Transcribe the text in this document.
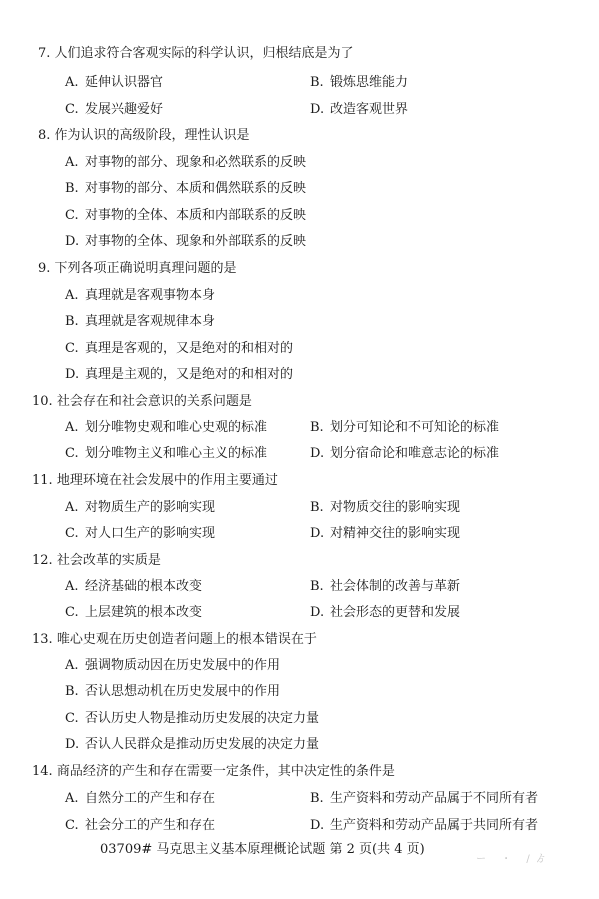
7. 人们追求符合客观实际的科学认识，归根结底是为了
A. 延伸认识器官	B. 锻炼思维能力
C. 发展兴趣爱好	D. 改造客观世界
8. 作为认识的高级阶段，理性认识是
A. 对事物的部分、现象和必然联系的反映
B. 对事物的部分、本质和偶然联系的反映
C. 对事物的全体、本质和内部联系的反映
D. 对事物的全体、现象和外部联系的反映
9. 下列各项正确说明真理问题的是
A. 真理就是客观事物本身
B. 真理就是客观规律本身
C. 真理是客观的，又是绝对的和相对的
D. 真理是主观的，又是绝对的和相对的
10. 社会存在和社会意识的关系问题是
A. 划分唯物史观和唯心史观的标准	B. 划分可知论和不可知论的标准
C. 划分唯物主义和唯心主义的标准	D. 划分宿命论和唯意志论的标准
11. 地理环境在社会发展中的作用主要通过
A. 对物质生产的影响实现	B. 对物质交往的影响实现
C. 对人口生产的影响实现	D. 对精神交往的影响实现
12. 社会改革的实质是
A. 经济基础的根本改变	B. 社会体制的改善与革新
C. 上层建筑的根本改变	D. 社会形态的更替和发展
13. 唯心史观在历史创造者问题上的根本错误在于
A. 强调物质动因在历史发展中的作用
B. 否认思想动机在历史发展中的作用
C. 否认历史人物是推动历史发展的决定力量
D. 否认人民群众是推动历史发展的决定力量
14. 商品经济的产生和存在需要一定条件，其中决定性的条件是
A. 自然分工的产生和存在	B. 生产资料和劳动产品属于不同所有者
C. 社会分工的产生和存在	D. 生产资料和劳动产品属于共同所有者
03709# 马克思主义基本原理概论试题 第 2 页(共 4 页)
ー ・ /ゟ
